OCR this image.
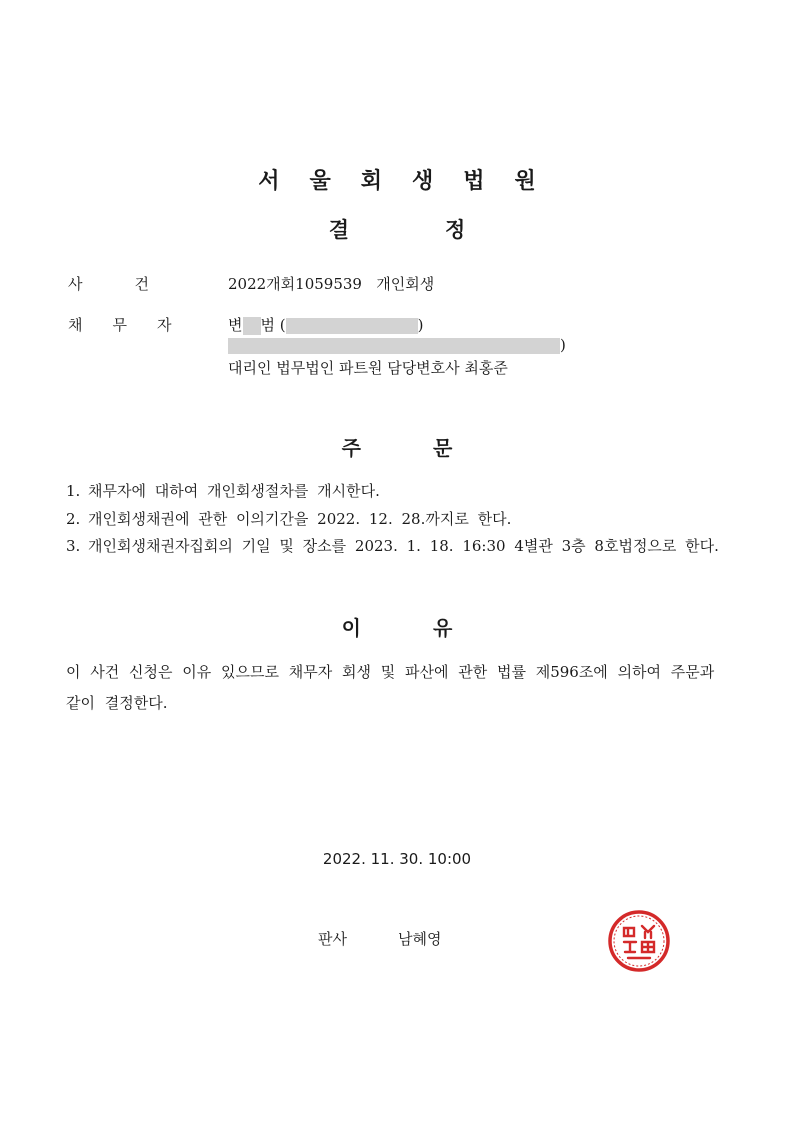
서울회생법원
결정
사건 2022개회1059539 개인회생
채무자 변 범 (	)
)
대리인 법무법인 파트원 담당변호사 최홍준
주문
1. 채무자에 대하여 개인회생절차를 개시한다.
2. 개인회생채권에 관한 이의기간을 2022. 12. 28.까지로 한다.
3. 개인회생채권자집회의 기일 및 장소를 2023. 1. 18. 16:30 4별관 3층 8호법정으로 한다.
이유
이 사건 신청은 이유 있으므로 채무자 회생 및 파산에 관한 법률 제596조에 의하여 주문과 같이 결정한다.
2022. 11. 30. 10:00
판사	남혜영
